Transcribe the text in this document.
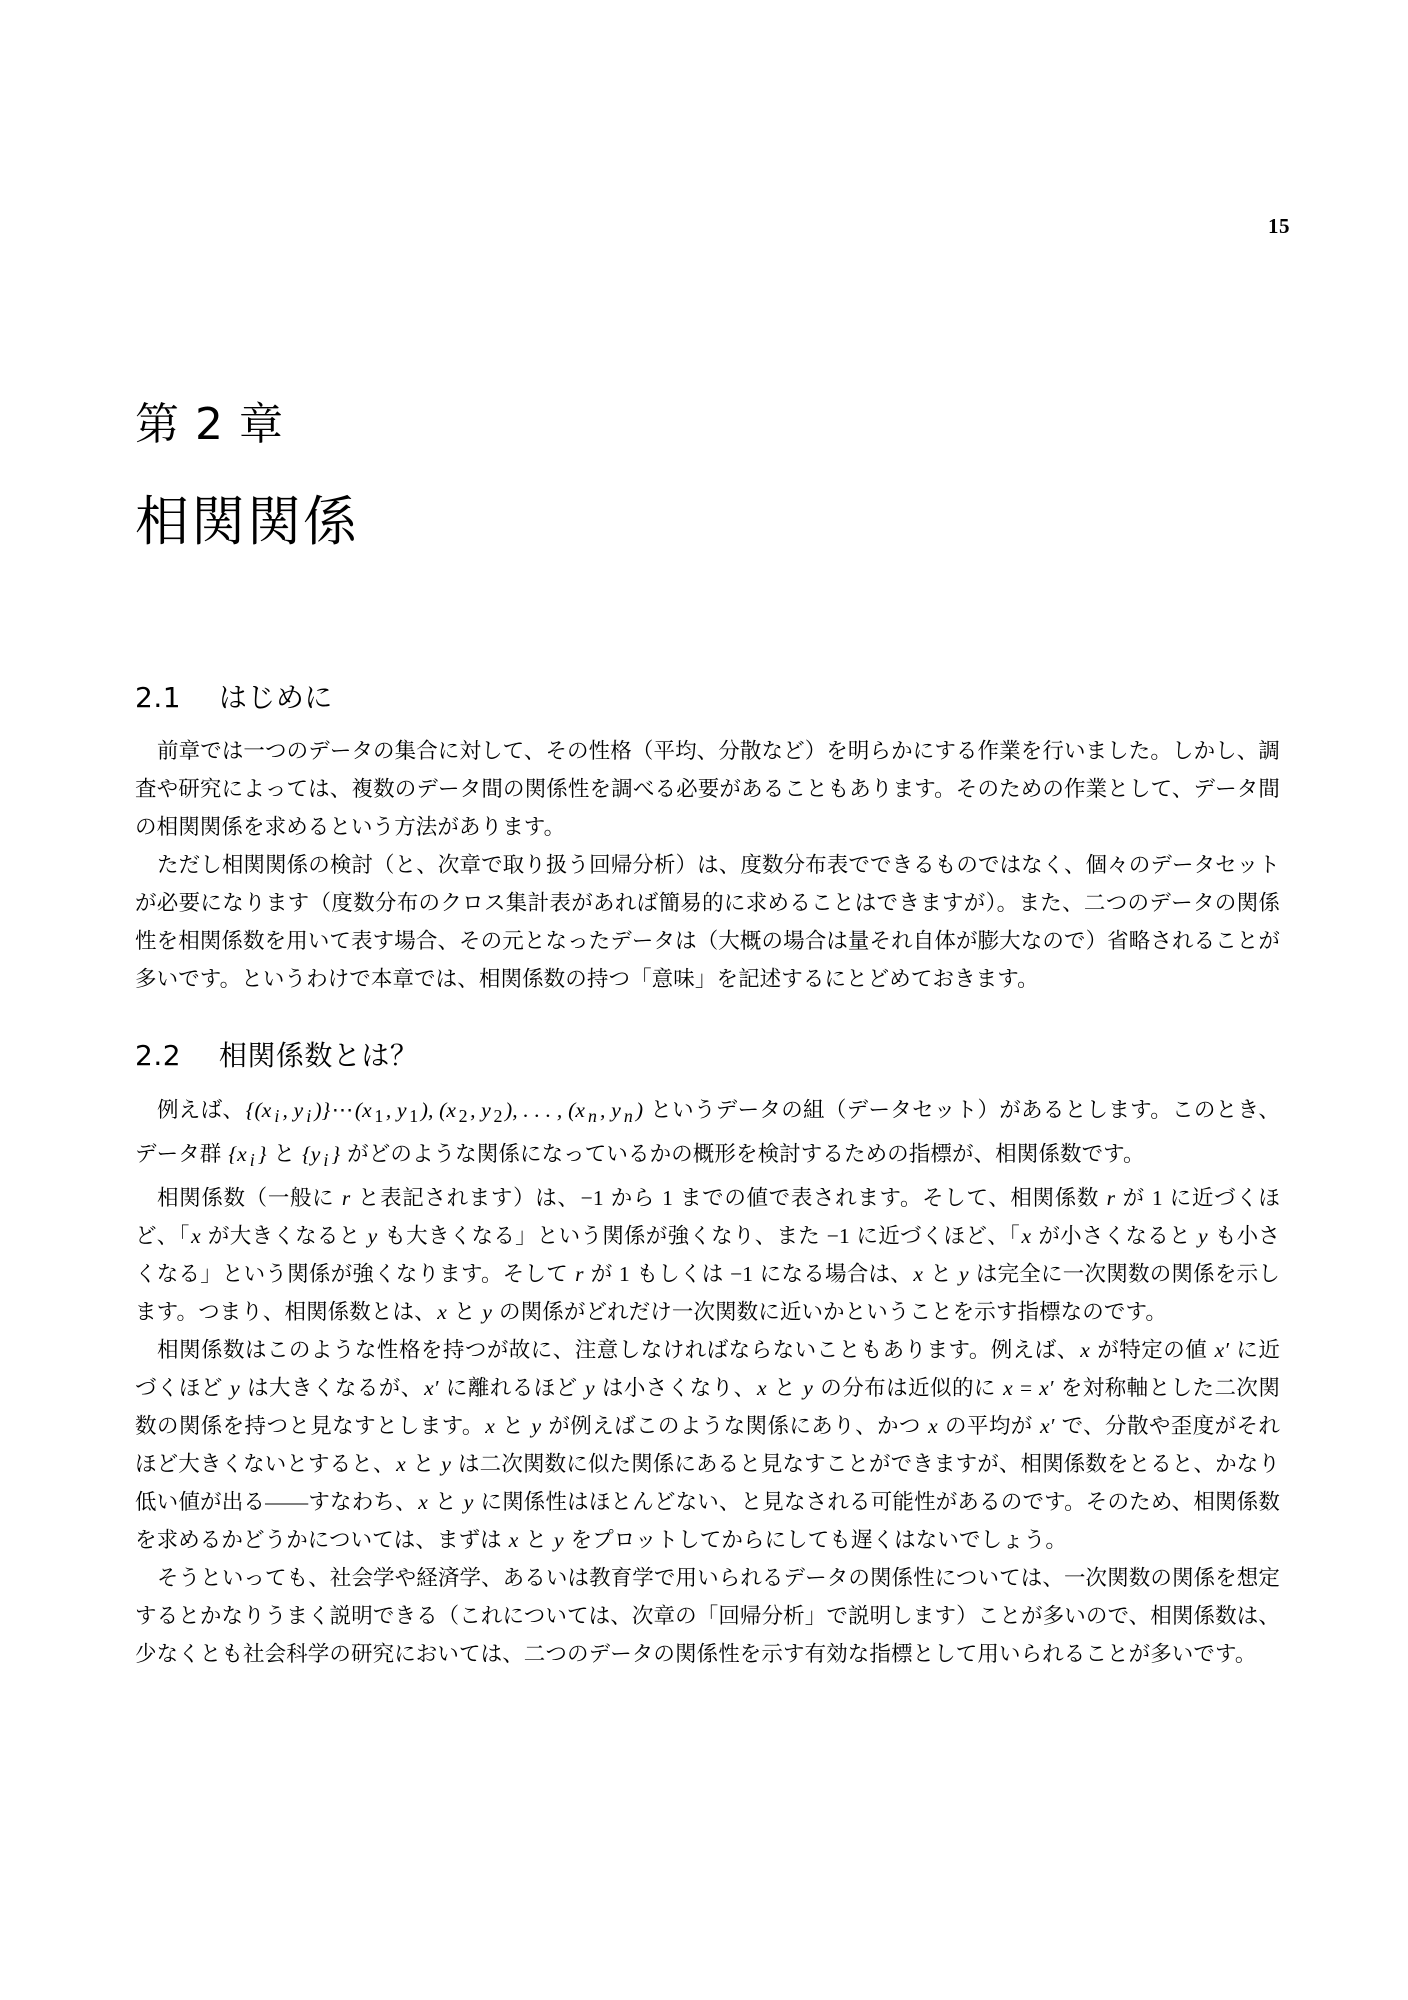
15
第 2 章
相関関係
2.1　 はじめに

前章では一つのデータの集合に対して、その性格（平均、分散など）を明らかにする作業を行いました。しかし、調査や研究によっては、複数のデータ間の関係性を調べる必要があることもあります。そのための作業として、データ間の相関関係を求めるという方法があります。

ただし相関関係の検討（と、次章で取り扱う回帰分析）は、度数分布表でできるものではなく、個々のデータセットが必要になります（度数分布のクロス集計表があれば簡易的に求めることはできますが）。また、二つのデータの関係性を相関係数を用いて表す場合、その元となったデータは（大概の場合は量それ自体が膨大なので）省略されることが多いです。というわけで本章では、相関係数の持つ「意味」を記述するにとどめておきます。

2.2　 相関係数とは？

例えば、{(x $_i$ , y $_i$ )}⋯(x $_1$ , y $_1$ ), (x $_2$ , y $_2$ ), . . . , (x $_n$ , y $_n$ ) というデータの組（データセット）があるとします。このとき、データ群 {x $_i$ } と {y $_i$ } がどのような関係になっているかの概形を検討するための指標が、相関係数です。

相関係数（一般に r と表記されます）は、−1 から 1 までの値で表されます。そして、相関係数 r が 1 に近づくほど、「x が大きくなると y も大きくなる」という関係が強くなり、また −1 に近づくほど、「x が小さくなると y も小さくなる」という関係が強くなります。そして r が 1 もしくは −1 になる場合は、x と y は完全に一次関数の関係を示します。つまり、相関係数とは、x と y の関係がどれだけ一次関数に近いかということを示す指標なのです。

相関係数はこのような性格を持つが故に、注意しなければならないこともあります。例えば、x が特定の値 x′ に近づくほど y は大きくなるが、x′ に離れるほど y は小さくなり、x と y の分布は近似的に x = x′ を対称軸とした二次関数の関係を持つと見なすとします。x と y が例えばこのような関係にあり、かつ x の平均が x′ で、分散や歪度がそれほど大きくないとすると、x と y は二次関数に似た関係にあると見なすことができますが、相関係数をとると、かなり低い値が出る——すなわち、x と y に関係性はほとんどない、と見なされる可能性があるのです。そのため、相関係数を求めるかどうかについては、まずは x と y をプロットしてからにしても遅くはないでしょう。

そうといっても、社会学や経済学、あるいは教育学で用いられるデータの関係性については、一次関数の関係を想定するとかなりうまく説明できる（これについては、次章の「回帰分析」で説明します）ことが多いので、相関係数は、少なくとも社会科学の研究においては、二つのデータの関係性を示す有効な指標として用いられることが多いです。
